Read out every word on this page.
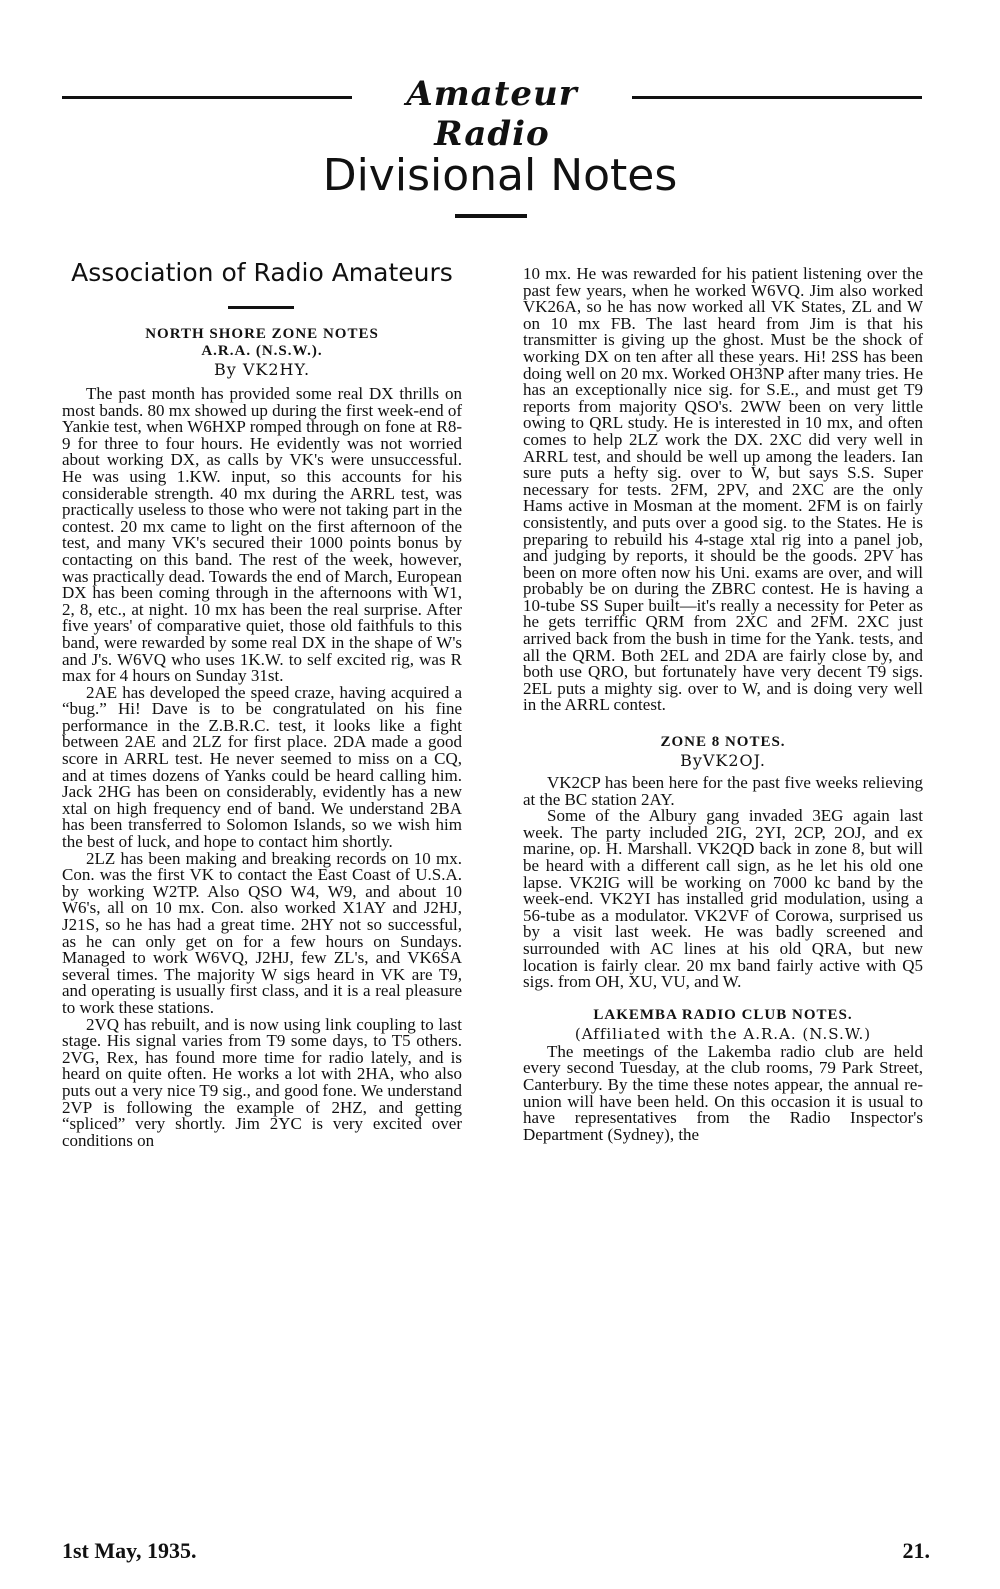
Amateur Radio
Divisional Notes
Association of Radio Amateurs
NORTH SHORE ZONE NOTES
A.R.A. (N.S.W.).
By VK2HY.

The past month has provided some real DX thrills on most bands. 80 mx showed up during the first week-end of Yankie test, when W6HXP romped through on fone at R8-9 for three to four hours. He evidently was not worried about working DX, as calls by VK's were unsuccessful. He was using 1.KW. input, so this accounts for his considerable strength. 40 mx during the ARRL test, was practically useless to those who were not taking part in the contest. 20 mx came to light on the first afternoon of the test, and many VK's secured their 1000 points bonus by contacting on this band. The rest of the week, however, was practically dead. Towards the end of March, European DX has been coming through in the afternoons with W1, 2, 8, etc., at night. 10 mx has been the real surprise. After five years' of comparative quiet, those old faithfuls to this band, were rewarded by some real DX in the shape of W's and J's. W6VQ who uses 1K.W. to self excited rig, was R max for 4 hours on Sunday 31st.

2AE has developed the speed craze, having acquired a “bug.” Hi! Dave is to be congratulated on his fine performance in the Z.B.R.C. test, it looks like a fight between 2AE and 2LZ for first place. 2DA made a good score in ARRL test. He never seemed to miss on a CQ, and at times dozens of Yanks could be heard calling him. Jack 2HG has been on considerably, evidently has a new xtal on high frequency end of band. We understand 2BA has been transferred to Solomon Islands, so we wish him the best of luck, and hope to contact him shortly.

2LZ has been making and breaking records on 10 mx. Con. was the first VK to contact the East Coast of U.S.A. by working W2TP. Also QSO W4, W9, and about 10 W6's, all on 10 mx. Con. also worked X1AY and J2HJ, J21S, so he has had a great time. 2HY not so successful, as he can only get on for a few hours on Sundays. Managed to work W6VQ, J2HJ, few ZL's, and VK6SA several times. The majority W sigs heard in VK are T9, and operating is usually first class, and it is a real pleasure to work these stations.

2VQ has rebuilt, and is now using link coupling to last stage. His signal varies from T9 some days, to T5 others. 2VG, Rex, has found more time for radio lately, and is heard on quite often. He works a lot with 2HA, who also puts out a very nice T9 sig., and good fone. We understand 2VP is following the example of 2HZ, and getting “spliced” very shortly. Jim 2YC is very excited over conditions on

10 mx. He was rewarded for his patient listening over the past few years, when he worked W6VQ. Jim also worked VK26A, so he has now worked all VK States, ZL and W on 10 mx FB. The last heard from Jim is that his transmitter is giving up the ghost. Must be the shock of working DX on ten after all these years. Hi! 2SS has been doing well on 20 mx. Worked OH3NP after many tries. He has an exceptionally nice sig. for S.E., and must get T9 reports from majority QSO's. 2WW been on very little owing to QRL study. He is interested in 10 mx, and often comes to help 2LZ work the DX. 2XC did very well in ARRL test, and should be well up among the leaders. Ian sure puts a hefty sig. over to W, but says S.S. Super necessary for tests. 2FM, 2PV, and 2XC are the only Hams active in Mosman at the moment. 2FM is on fairly consistently, and puts over a good sig. to the States. He is preparing to rebuild his 4-stage xtal rig into a panel job, and judging by reports, it should be the goods. 2PV has been on more often now his Uni. exams are over, and will probably be on during the ZBRC contest. He is having a 10-tube SS Super built—it's really a necessity for Peter as he gets terriffic QRM from 2XC and 2FM. 2XC just arrived back from the bush in time for the Yank. tests, and all the QRM. Both 2EL and 2DA are fairly close by, and both use QRO, but fortunately have very decent T9 sigs. 2EL puts a mighty sig. over to W, and is doing very well in the ARRL contest.

ZONE 8 NOTES.
ByVK2OJ.

VK2CP has been here for the past five weeks relieving at the BC station 2AY.

Some of the Albury gang invaded 3EG again last week. The party included 2IG, 2YI, 2CP, 2OJ, and ex marine, op. H. Marshall. VK2QD back in zone 8, but will be heard with a different call sign, as he let his old one lapse. VK2IG will be working on 7000 kc band by the week-end. VK2YI has installed grid modulation, using a 56-tube as a modulator. VK2VF of Corowa, surprised us by a visit last week. He was badly screened and surrounded with AC lines at his old QRA, but new location is fairly clear. 20 mx band fairly active with Q5 sigs. from OH, XU, VU, and W.

LAKEMBA RADIO CLUB NOTES.
(Affiliated with the A.R.A. (N.S.W.)

The meetings of the Lakemba radio club are held every second Tuesday, at the club rooms, 79 Park Street, Canterbury. By the time these notes appear, the annual re-union will have been held. On this occasion it is usual to have representatives from the Radio Inspector's Department (Sydney), the

1st May, 1935.	21.
